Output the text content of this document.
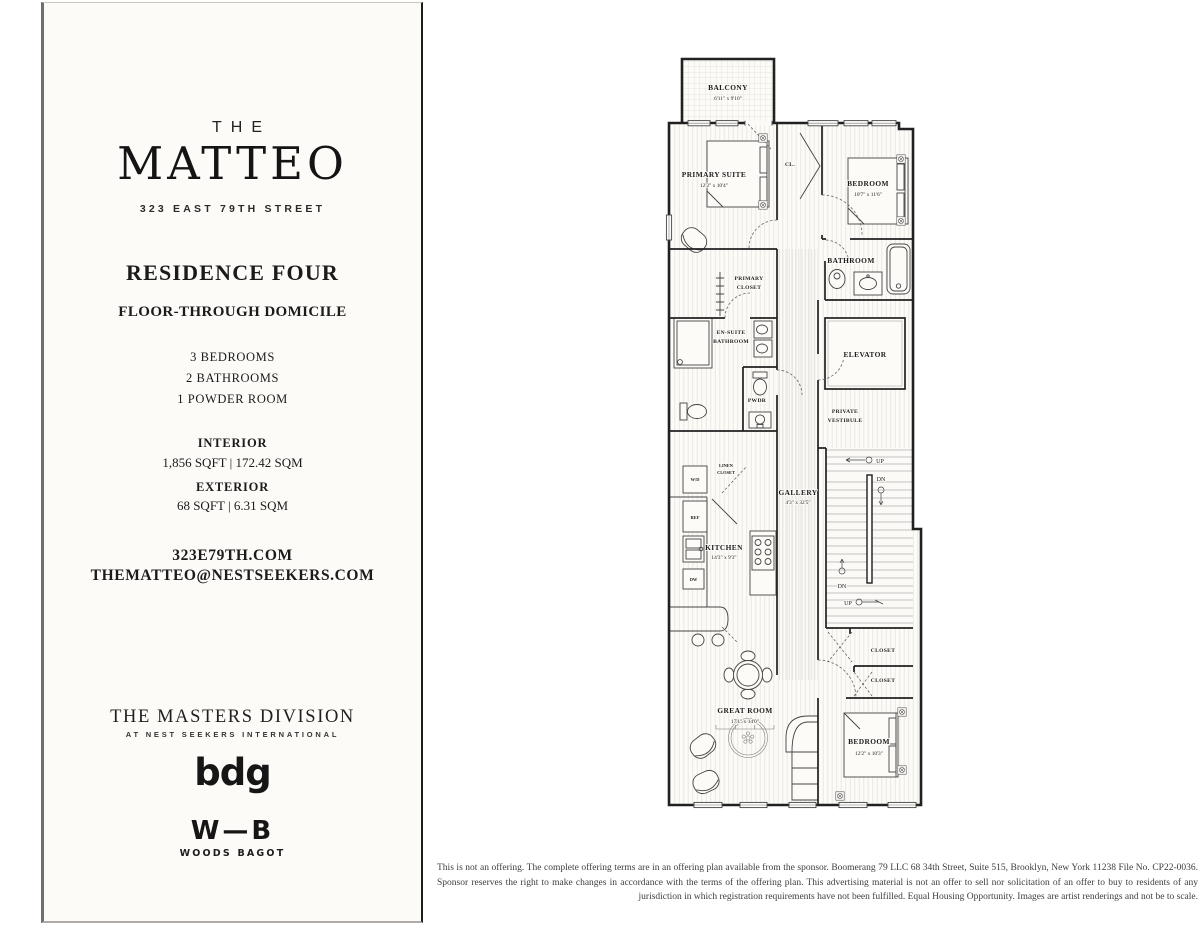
THE
MATTEO
323 EAST 79TH STREET
RESIDENCE FOUR
FLOOR-THROUGH DOMICILE
3 BEDROOMS
2 BATHROOMS
1 POWDER ROOM
INTERIOR
1,856 SQFT | 172.42 SQM
EXTERIOR
68 SQFT | 6.31 SQM
323E79TH.COM
THEMATTEO@NESTSEEKERS.COM
THE MASTERS DIVISION
AT NEST SEEKERS INTERNATIONAL
bdg
W—B
WOODS BAGOT
UP
DN
DN
UP
BALCONY
6'11" x 9'10"
PRIMARY SUITE
12'2" x 10'4"
CL.
BEDROOM
10'7" x 11'6"
BATHROOM
PRIMARY
CLOSET
EN-SUITE
BATHROOM
ELEVATOR
PWDR
PRIVATE
VESTIBULE
LINEN
CLOSET
W/D
GALLERY
4'3" x 32'5"
REF
KITCHEN
14'3" x 9'3"
DW
CLOSET
CLOSET
GREAT ROOM
17'1" x 14'0"
BEDROOM
12'2" x 10'3"
This is not an offering. The complete offering terms are in an offering plan available from the sponsor. Boomerang 79 LLC 68 34th Street, Suite 515, Brooklyn, New York 11238 File No. CP22-0036. Sponsor reserves the right to make changes in accordance with the terms of the offering plan. This advertising material is not an offer to sell nor solicitation of an offer to buy to residents of any jurisdiction in which registration requirements have not been fulfilled. Equal Housing Opportunity. Images are artist renderings and not be to scale.
